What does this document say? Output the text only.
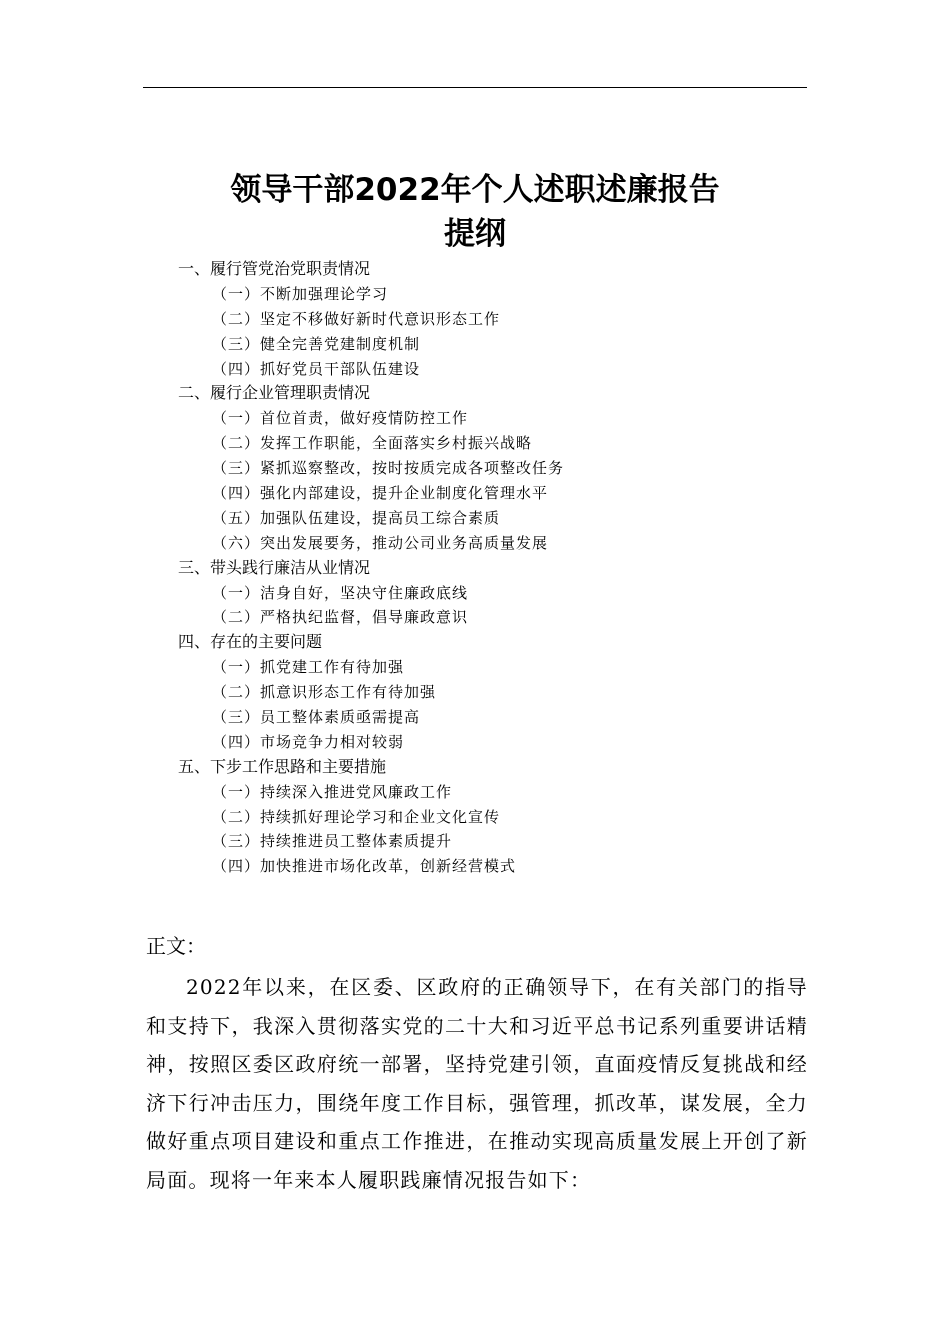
领导干部2022年个人述职述廉报告
提纲
一、履行管党治党职责情况
（一）不断加强理论学习
（二）坚定不移做好新时代意识形态工作
（三）健全完善党建制度机制
（四）抓好党员干部队伍建设
二、履行企业管理职责情况
（一）首位首责，做好疫情防控工作
（二）发挥工作职能，全面落实乡村振兴战略
（三）紧抓巡察整改，按时按质完成各项整改任务
（四）强化内部建设，提升企业制度化管理水平
（五）加强队伍建设，提高员工综合素质
（六）突出发展要务，推动公司业务高质量发展
三、带头践行廉洁从业情况
（一）洁身自好，坚决守住廉政底线
（二）严格执纪监督，倡导廉政意识
四、存在的主要问题
（一）抓党建工作有待加强
（二）抓意识形态工作有待加强
（三）员工整体素质亟需提高
（四）市场竞争力相对较弱
五、下步工作思路和主要措施
（一）持续深入推进党风廉政工作
（二）持续抓好理论学习和企业文化宣传
（三）持续推进员工整体素质提升
（四）加快推进市场化改革，创新经营模式
正文：

2022年以来，在区委、区政府的正确领导下，在有关部门的指导和支持下，我深入贯彻落实党的二十大和习近平总书记系列重要讲话精神，按照区委区政府统一部署，坚持党建引领，直面疫情反复挑战和经济下行冲击压力，围绕年度工作目标，强管理，抓改革，谋发展，全力做好重点项目建设和重点工作推进，在推动实现高质量发展上开创了新局面。现将一年来本人履职践廉情况报告如下：
